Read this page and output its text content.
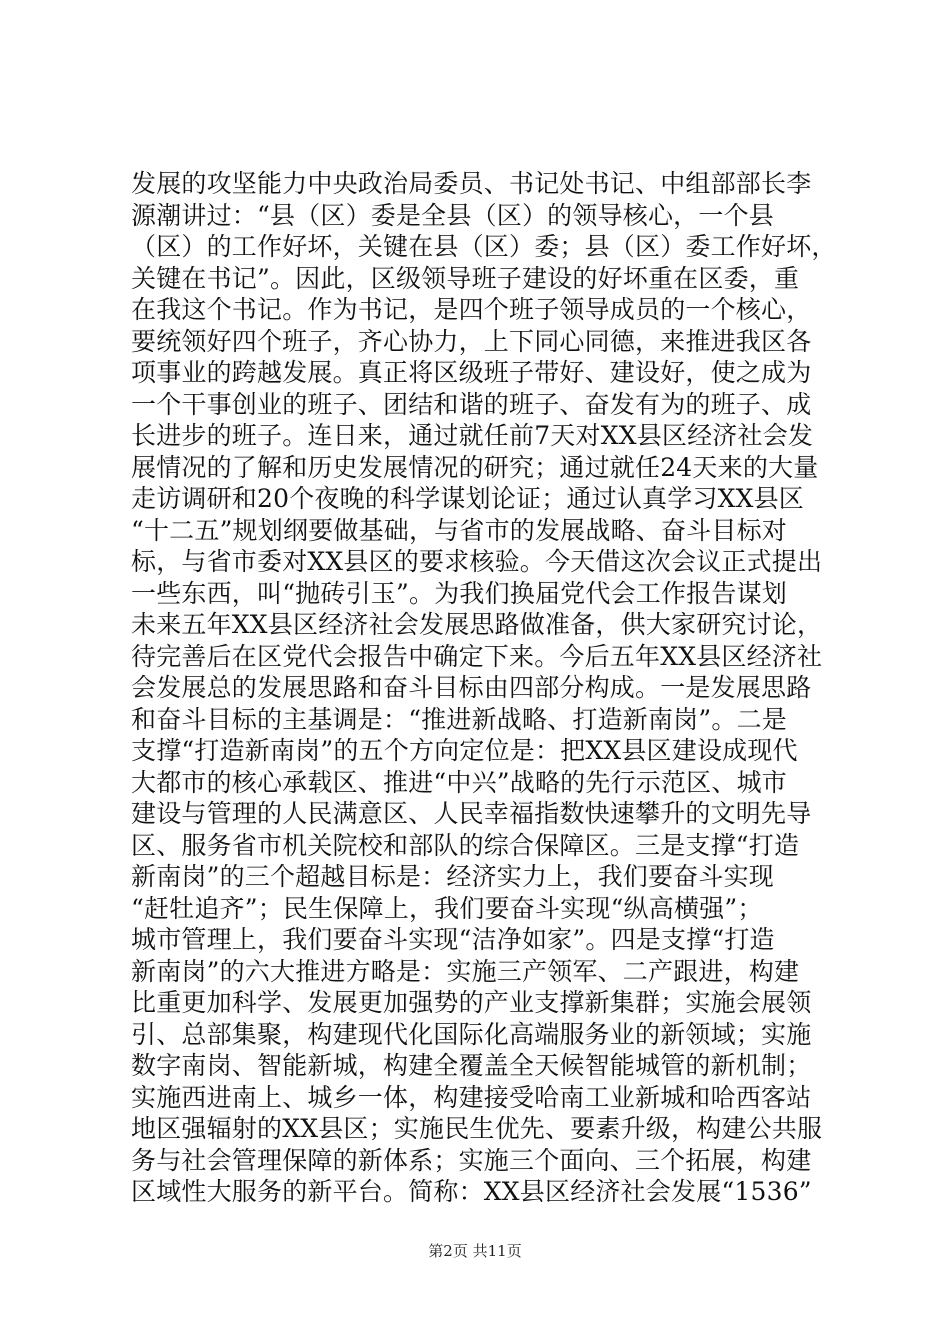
发展的攻坚能力中央政治局委员、书记处书记、中组部部长李
源潮讲过：“县（区）委是全县（区）的领导核心，一个县
（区）的工作好坏，关键在县（区）委；县（区）委工作好坏，
关键在书记”。因此，区级领导班子建设的好坏重在区委，重
在我这个书记。作为书记，是四个班子领导成员的一个核心，
要统领好四个班子，齐心协力，上下同心同德，来推进我区各
项事业的跨越发展。真正将区级班子带好、建设好，使之成为
一个干事创业的班子、团结和谐的班子、奋发有为的班子、成
长进步的班子。连日来，通过就任前7天对XX县区经济社会发
展情况的了解和历史发展情况的研究；通过就任24天来的大量
走访调研和20个夜晚的科学谋划论证；通过认真学习XX县区
“十二五”规划纲要做基础，与省市的发展战略、奋斗目标对
标，与省市委对XX县区的要求核验。今天借这次会议正式提出
一些东西，叫“抛砖引玉”。为我们换届党代会工作报告谋划
未来五年XX县区经济社会发展思路做准备，供大家研究讨论，
待完善后在区党代会报告中确定下来。今后五年XX县区经济社
会发展总的发展思路和奋斗目标由四部分构成。一是发展思路
和奋斗目标的主基调是：“推进新战略、打造新南岗”。二是
支撑“打造新南岗”的五个方向定位是：把XX县区建设成现代
大都市的核心承载区、推进“中兴”战略的先行示范区、城市
建设与管理的人民满意区、人民幸福指数快速攀升的文明先导
区、服务省市机关院校和部队的综合保障区。三是支撑“打造
新南岗”的三个超越目标是：经济实力上，我们要奋斗实现
“赶牡追齐”；民生保障上，我们要奋斗实现“纵高横强”；
城市管理上，我们要奋斗实现“洁净如家”。四是支撑“打造
新南岗”的六大推进方略是：实施三产领军、二产跟进，构建
比重更加科学、发展更加强势的产业支撑新集群；实施会展领
引、总部集聚，构建现代化国际化高端服务业的新领域；实施
数字南岗、智能新城，构建全覆盖全天候智能城管的新机制；
实施西进南上、城乡一体，构建接受哈南工业新城和哈西客站
地区强辐射的XX县区；实施民生优先、要素升级，构建公共服
务与社会管理保障的新体系；实施三个面向、三个拓展，构建
区域性大服务的新平台。简称：XX县区经济社会发展“1536”
第2页 共11页
